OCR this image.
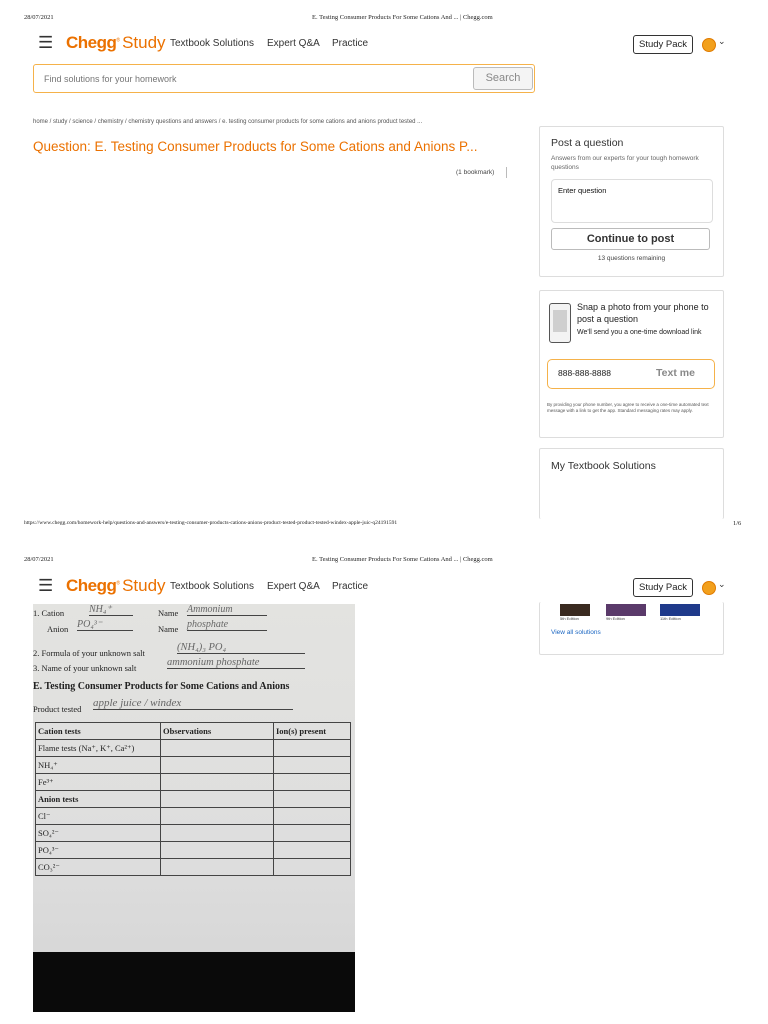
28/07/2021	E. Testing Consumer Products For Some Cations And ... | Chegg.com
☰ Chegg® Study Textbook Solutions Expert Q&A Practice	Study Pack	⌄
Find solutions for your homework
Search
home / study / science / chemistry / chemistry questions and answers / e. testing consumer products for some cations and anions product tested ...
Question: E. Testing Consumer Products for Some Cations and Anions P...
(1 bookmark)
Post a question
Answers from our experts for your tough homework questions
Enter question
Continue to post
13 questions remaining
Snap a photo from your phone to post a question
We'll send you a one-time download link
888-888-8888	Text me
By providing your phone number, you agree to receive a one-time automated text message with a link to get the app. Standard messaging rates may apply.
My Textbook Solutions
https://www.chegg.com/homework-help/questions-and-answers/e-testing-consumer-products-cations-anions-product-tested-product-tested-windex-apple-juic-q24191591	1/6
28/07/2021	E. Testing Consumer Products For Some Cations And ... | Chegg.com
☰ Chegg® Study Textbook Solutions Expert Q&A Practice	Study Pack	⌄
5th Edition	9th Edition	11th Edition
View all solutions
1. Cation NH₄⁺	Name Ammonium
Anion PO₄³⁻	Name phosphate
2. Formula of your unknown salt	(NH₄)₃ PO₄
3. Name of your unknown salt	ammonium phosphate
E. Testing Consumer Products for Some Cations and Anions
Product tested apple juice / windex
Cation tests	Observations	Ion(s) present
Flame tests (Na⁺, K⁺, Ca²⁺)		
NH₄⁺		
Fe³⁺		
Anion tests		
Cl⁻		
SO₄²⁻		
PO₄³⁻		
CO₃²⁻		
